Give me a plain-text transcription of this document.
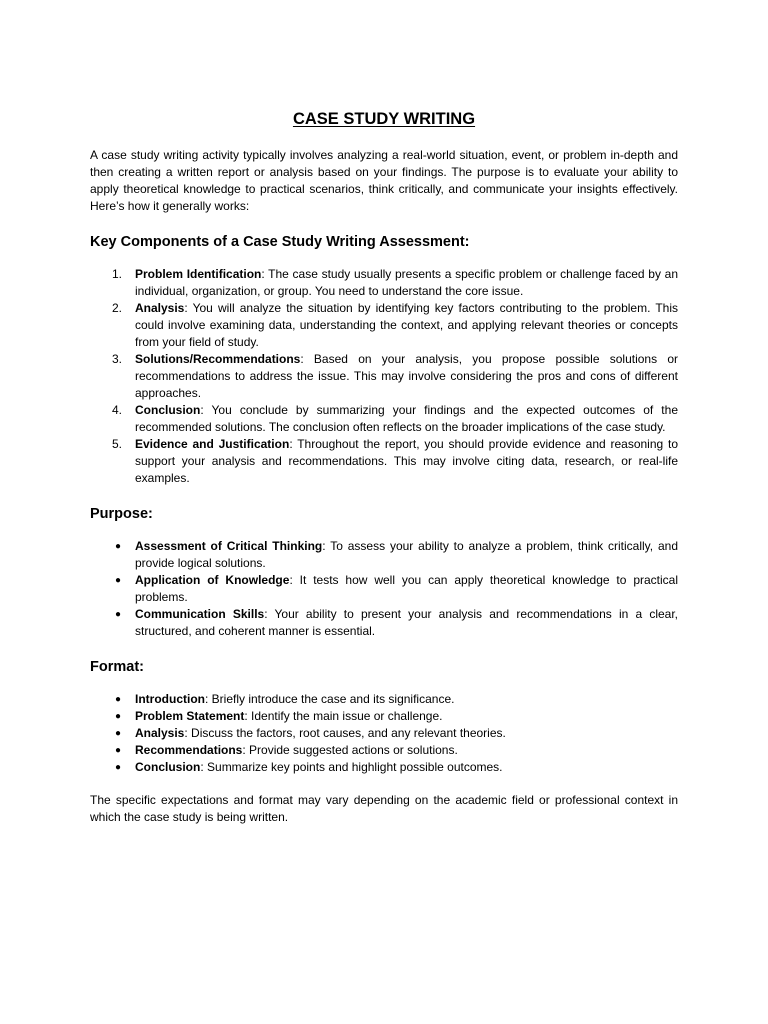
CASE STUDY WRITING

A case study writing activity typically involves analyzing a real-world situation, event, or problem in-depth and then creating a written report or analysis based on your findings. The purpose is to evaluate your ability to apply theoretical knowledge to practical scenarios, think critically, and communicate your insights effectively. Here’s how it generally works:

Key Components of a Case Study Writing Assessment:
1. Problem Identification: The case study usually presents a specific problem or challenge faced by an individual, organization, or group. You need to understand the core issue.
2. Analysis: You will analyze the situation by identifying key factors contributing to the problem. This could involve examining data, understanding the context, and applying relevant theories or concepts from your field of study.
3. Solutions/Recommendations: Based on your analysis, you propose possible solutions or recommendations to address the issue. This may involve considering the pros and cons of different approaches.
4. Conclusion: You conclude by summarizing your findings and the expected outcomes of the recommended solutions. The conclusion often reflects on the broader implications of the case study.
5. Evidence and Justification: Throughout the report, you should provide evidence and reasoning to support your analysis and recommendations. This may involve citing data, research, or real-life examples.
Purpose:
● Assessment of Critical Thinking: To assess your ability to analyze a problem, think critically, and provide logical solutions.
● Application of Knowledge: It tests how well you can apply theoretical knowledge to practical problems.
● Communication Skills: Your ability to present your analysis and recommendations in a clear, structured, and coherent manner is essential.
Format:
● Introduction: Briefly introduce the case and its significance.
● Problem Statement: Identify the main issue or challenge.
● Analysis: Discuss the factors, root causes, and any relevant theories.
● Recommendations: Provide suggested actions or solutions.
● Conclusion: Summarize key points and highlight possible outcomes.

The specific expectations and format may vary depending on the academic field or professional context in which the case study is being written.
